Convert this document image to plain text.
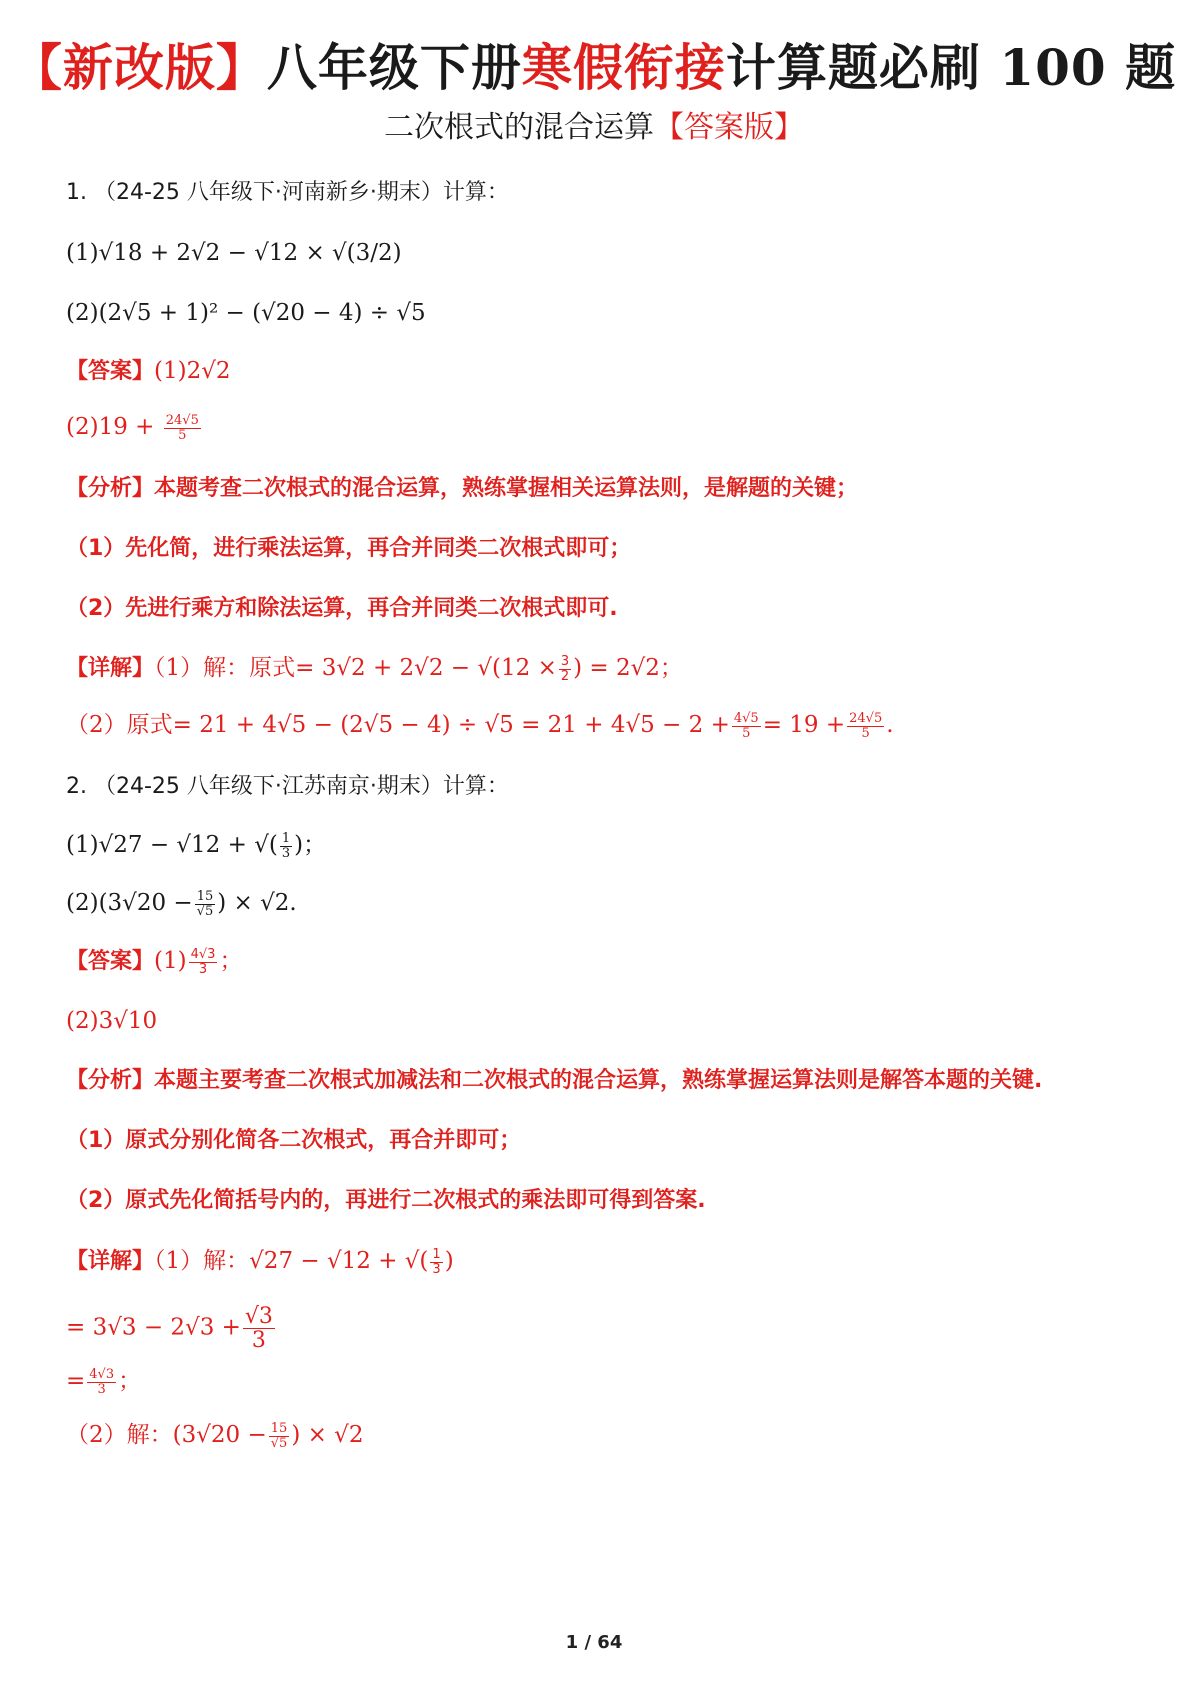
【新改版】八年级下册寒假衔接计算题必刷 100 题
二次根式的混合运算【答案版】
1. （24-25 八年级下·河南新乡·期末）计算：
(1)√18 + 2√2 − √12 × √(3/2)
(2)(2√5 + 1)² − (√20 − 4) ÷ √5
【答案】(1)2√2
$(2)19 + \frac{24√5}{5}$
【分析】本题考查二次根式的混合运算，熟练掌握相关运算法则，是解题的关键；
（1）先化简，进行乘法运算，再合并同类二次根式即可；
（2）先进行乘方和除法运算，再合并同类二次根式即可.
【详解】（1）解：原式= $3√2 + 2√2 - √(12 \times \frac{3}{2}$ ) = 2√2；
（2）原式= $21 + 4√5 - (2√5 - 4) \div √5 = 21 + 4√5 - 2 + \frac{4√5}{5} = 19 + \frac{24√5}{5}$ .
2. （24-25 八年级下·江苏南京·期末）计算：
(1)√27 − √12 + √( $\frac{1}{3}$ )；
$(2)(3√20 - \frac{15}{√5}$ ) × √2.
【答案】$(1) \frac{4√3}{3}$ ；
(2)3√10
【分析】本题主要考查二次根式加减法和二次根式的混合运算，熟练掌握运算法则是解答本题的关键.
（1）原式分别化简各二次根式，再合并即可；
（2）原式先化简括号内的，再进行二次根式的乘法即可得到答案.
【详解】（1）解：√27 − √12 + √( $\frac{1}{3}$ )
= $3√3 - 2√3 + \frac{√3}{3}$
= $\frac{4√3}{3}$ ；
（2）解：($3√20 - \frac{15}{√5}$ ) × √2
1 / 64
